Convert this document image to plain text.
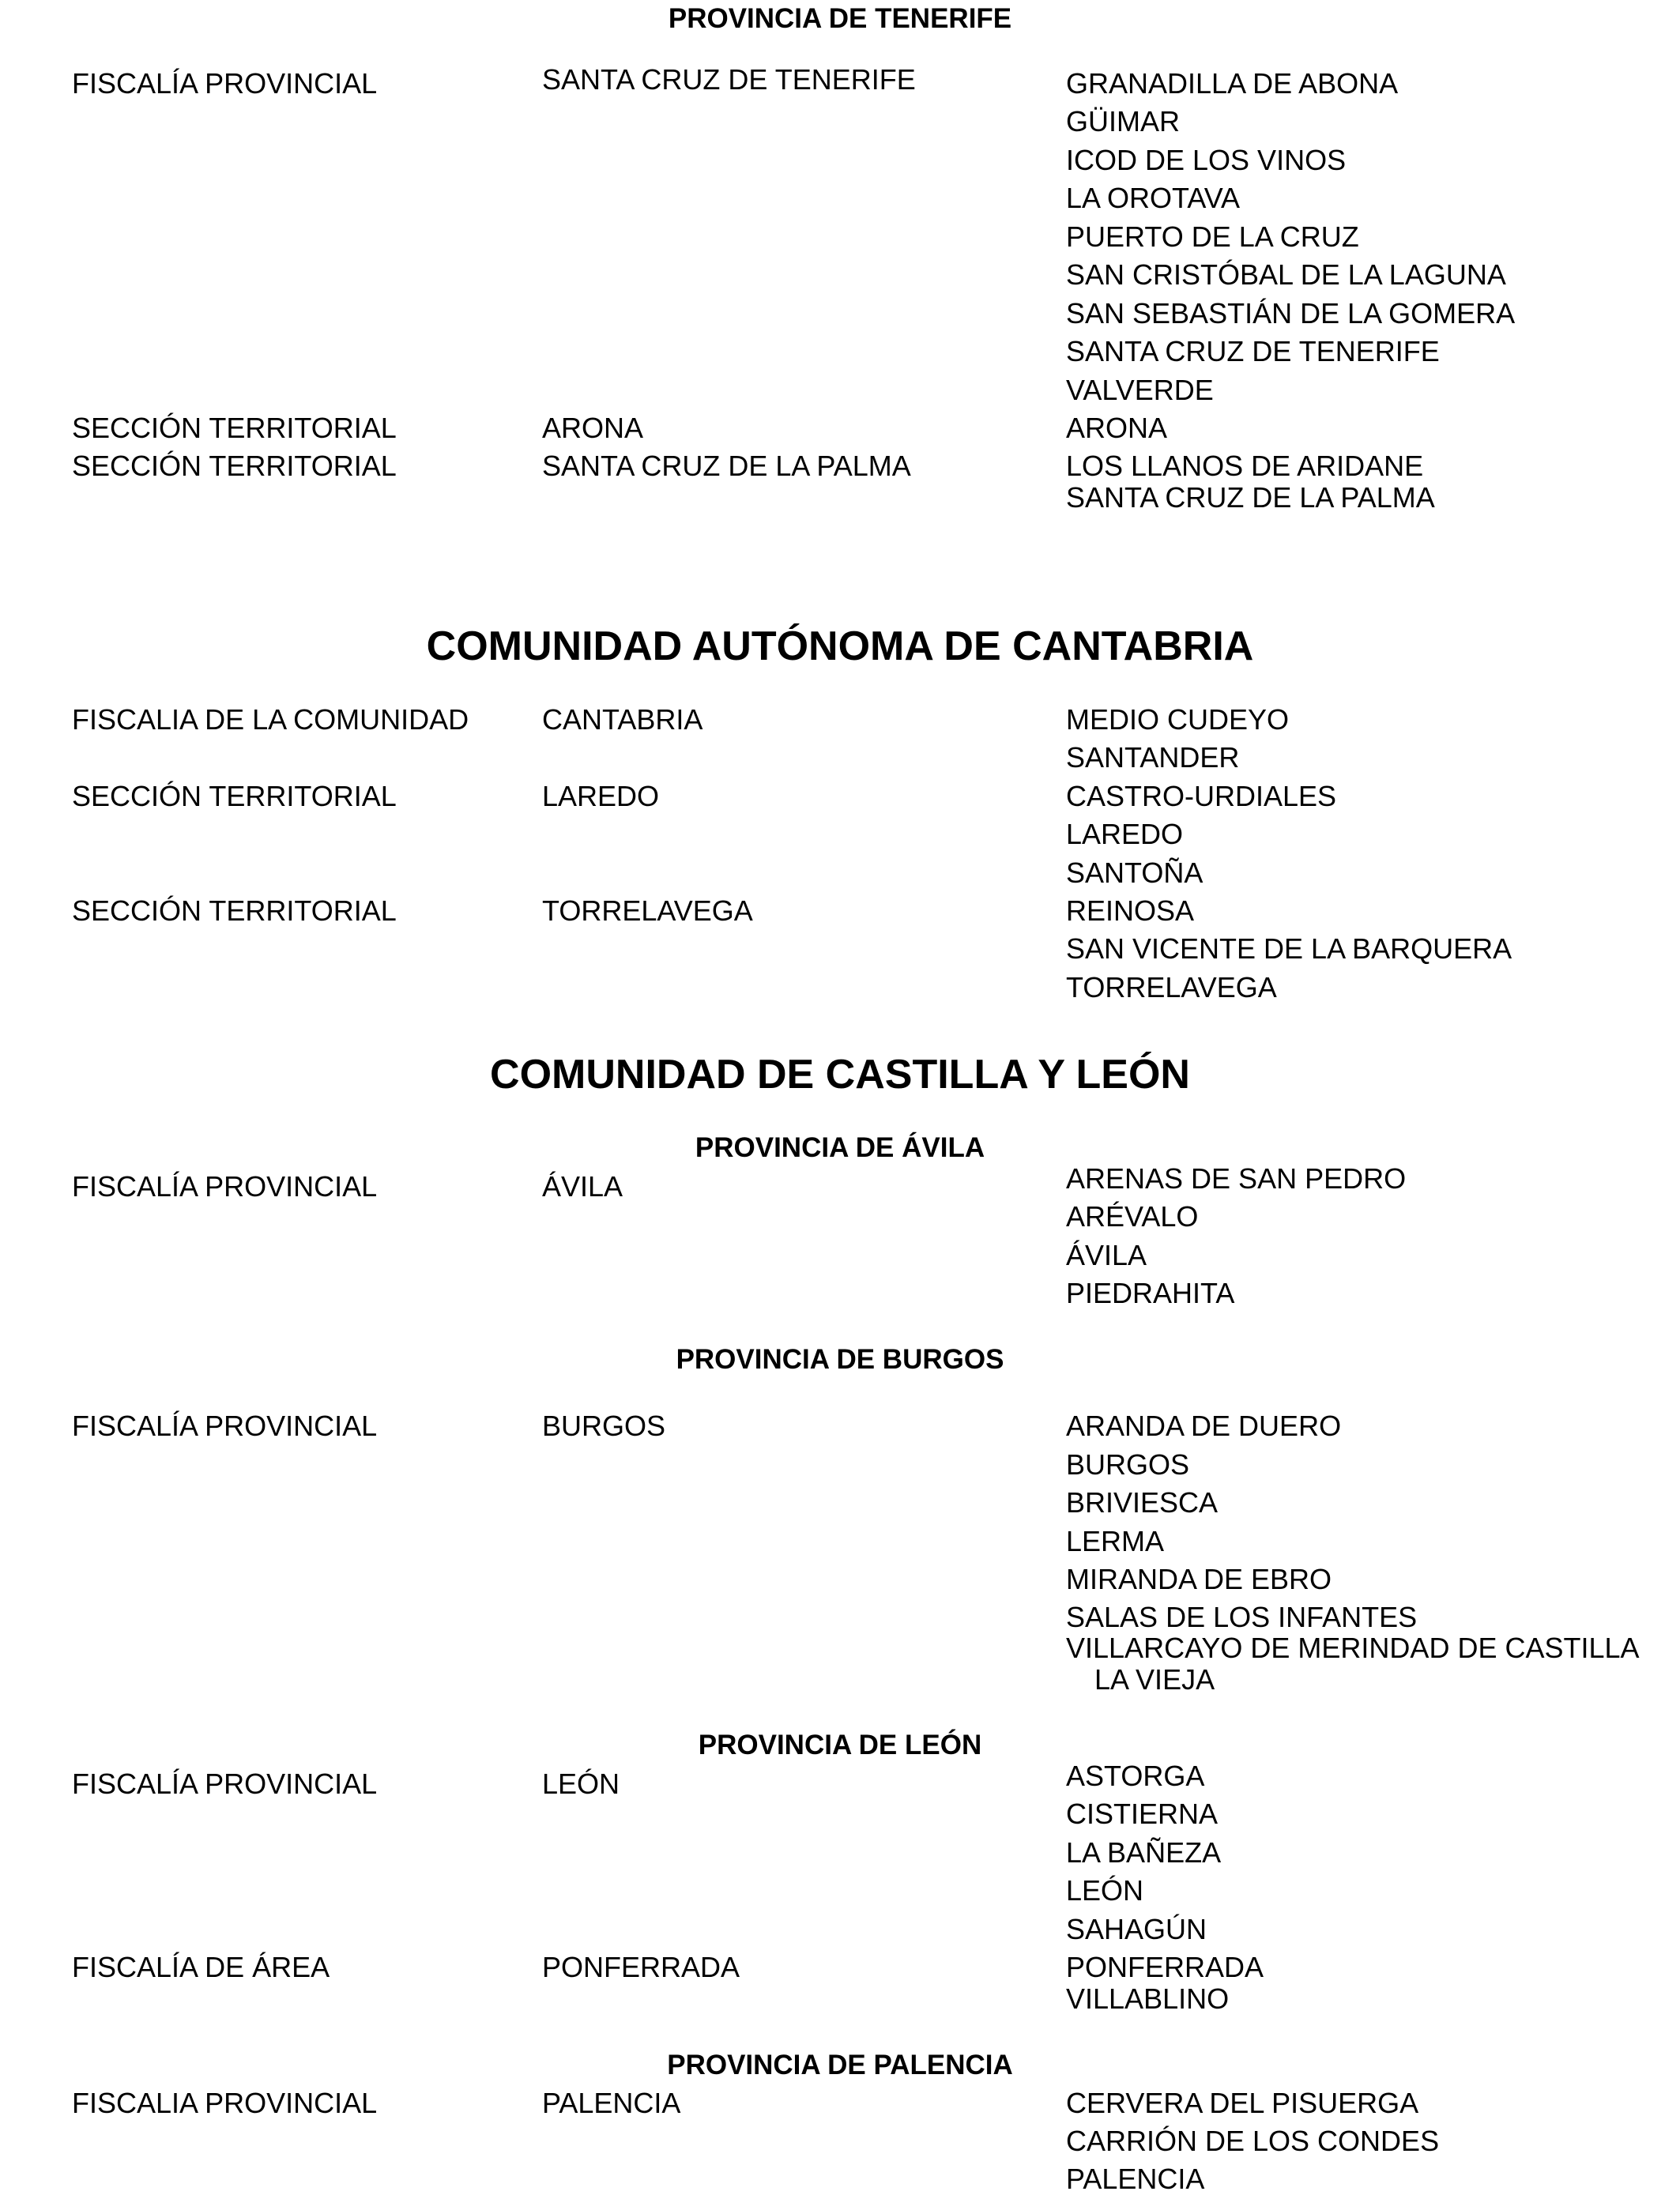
PROVINCIA DE TENERIFE
FISCALÍA PROVINCIAL	SANTA CRUZ DE TENERIFE	GRANADILLA DE ABONA
GÜIMAR
ICOD DE LOS VINOS
LA OROTAVA
PUERTO DE LA CRUZ
SAN CRISTÓBAL DE LA LAGUNA
SAN SEBASTIÁN DE LA GOMERA
SANTA CRUZ DE TENERIFE
VALVERDE
SECCIÓN TERRITORIAL	ARONA	ARONA
SECCIÓN TERRITORIAL	SANTA CRUZ DE LA PALMA	LOS LLANOS DE ARIDANE
SANTA CRUZ DE LA PALMA
COMUNIDAD AUTÓNOMA DE CANTABRIA
FISCALIA DE LA COMUNIDAD	CANTABRIA	MEDIO CUDEYO
SANTANDER
SECCIÓN TERRITORIAL	LAREDO	CASTRO-URDIALES
LAREDO
SANTOÑA
SECCIÓN TERRITORIAL	TORRELAVEGA	REINOSA
SAN VICENTE DE LA BARQUERA
TORRELAVEGA
COMUNIDAD DE CASTILLA Y LEÓN
PROVINCIA DE ÁVILA
FISCALÍA PROVINCIAL	ÁVILA	ARENAS DE SAN PEDRO
ARÉVALO
ÁVILA
PIEDRAHITA
PROVINCIA DE BURGOS
FISCALÍA PROVINCIAL	BURGOS	ARANDA DE DUERO
BURGOS
BRIVIESCA
LERMA
MIRANDA DE EBRO
SALAS DE LOS INFANTES
VILLARCAYO DE MERINDAD DE CASTILLA
LA VIEJA
PROVINCIA DE LEÓN
FISCALÍA PROVINCIAL	LEÓN	ASTORGA
CISTIERNA
LA BAÑEZA
LEÓN
SAHAGÚN
FISCALÍA DE ÁREA	PONFERRADA	PONFERRADA
VILLABLINO
PROVINCIA DE PALENCIA
FISCALIA PROVINCIAL	PALENCIA	CERVERA DEL PISUERGA
CARRIÓN DE LOS CONDES
PALENCIA
